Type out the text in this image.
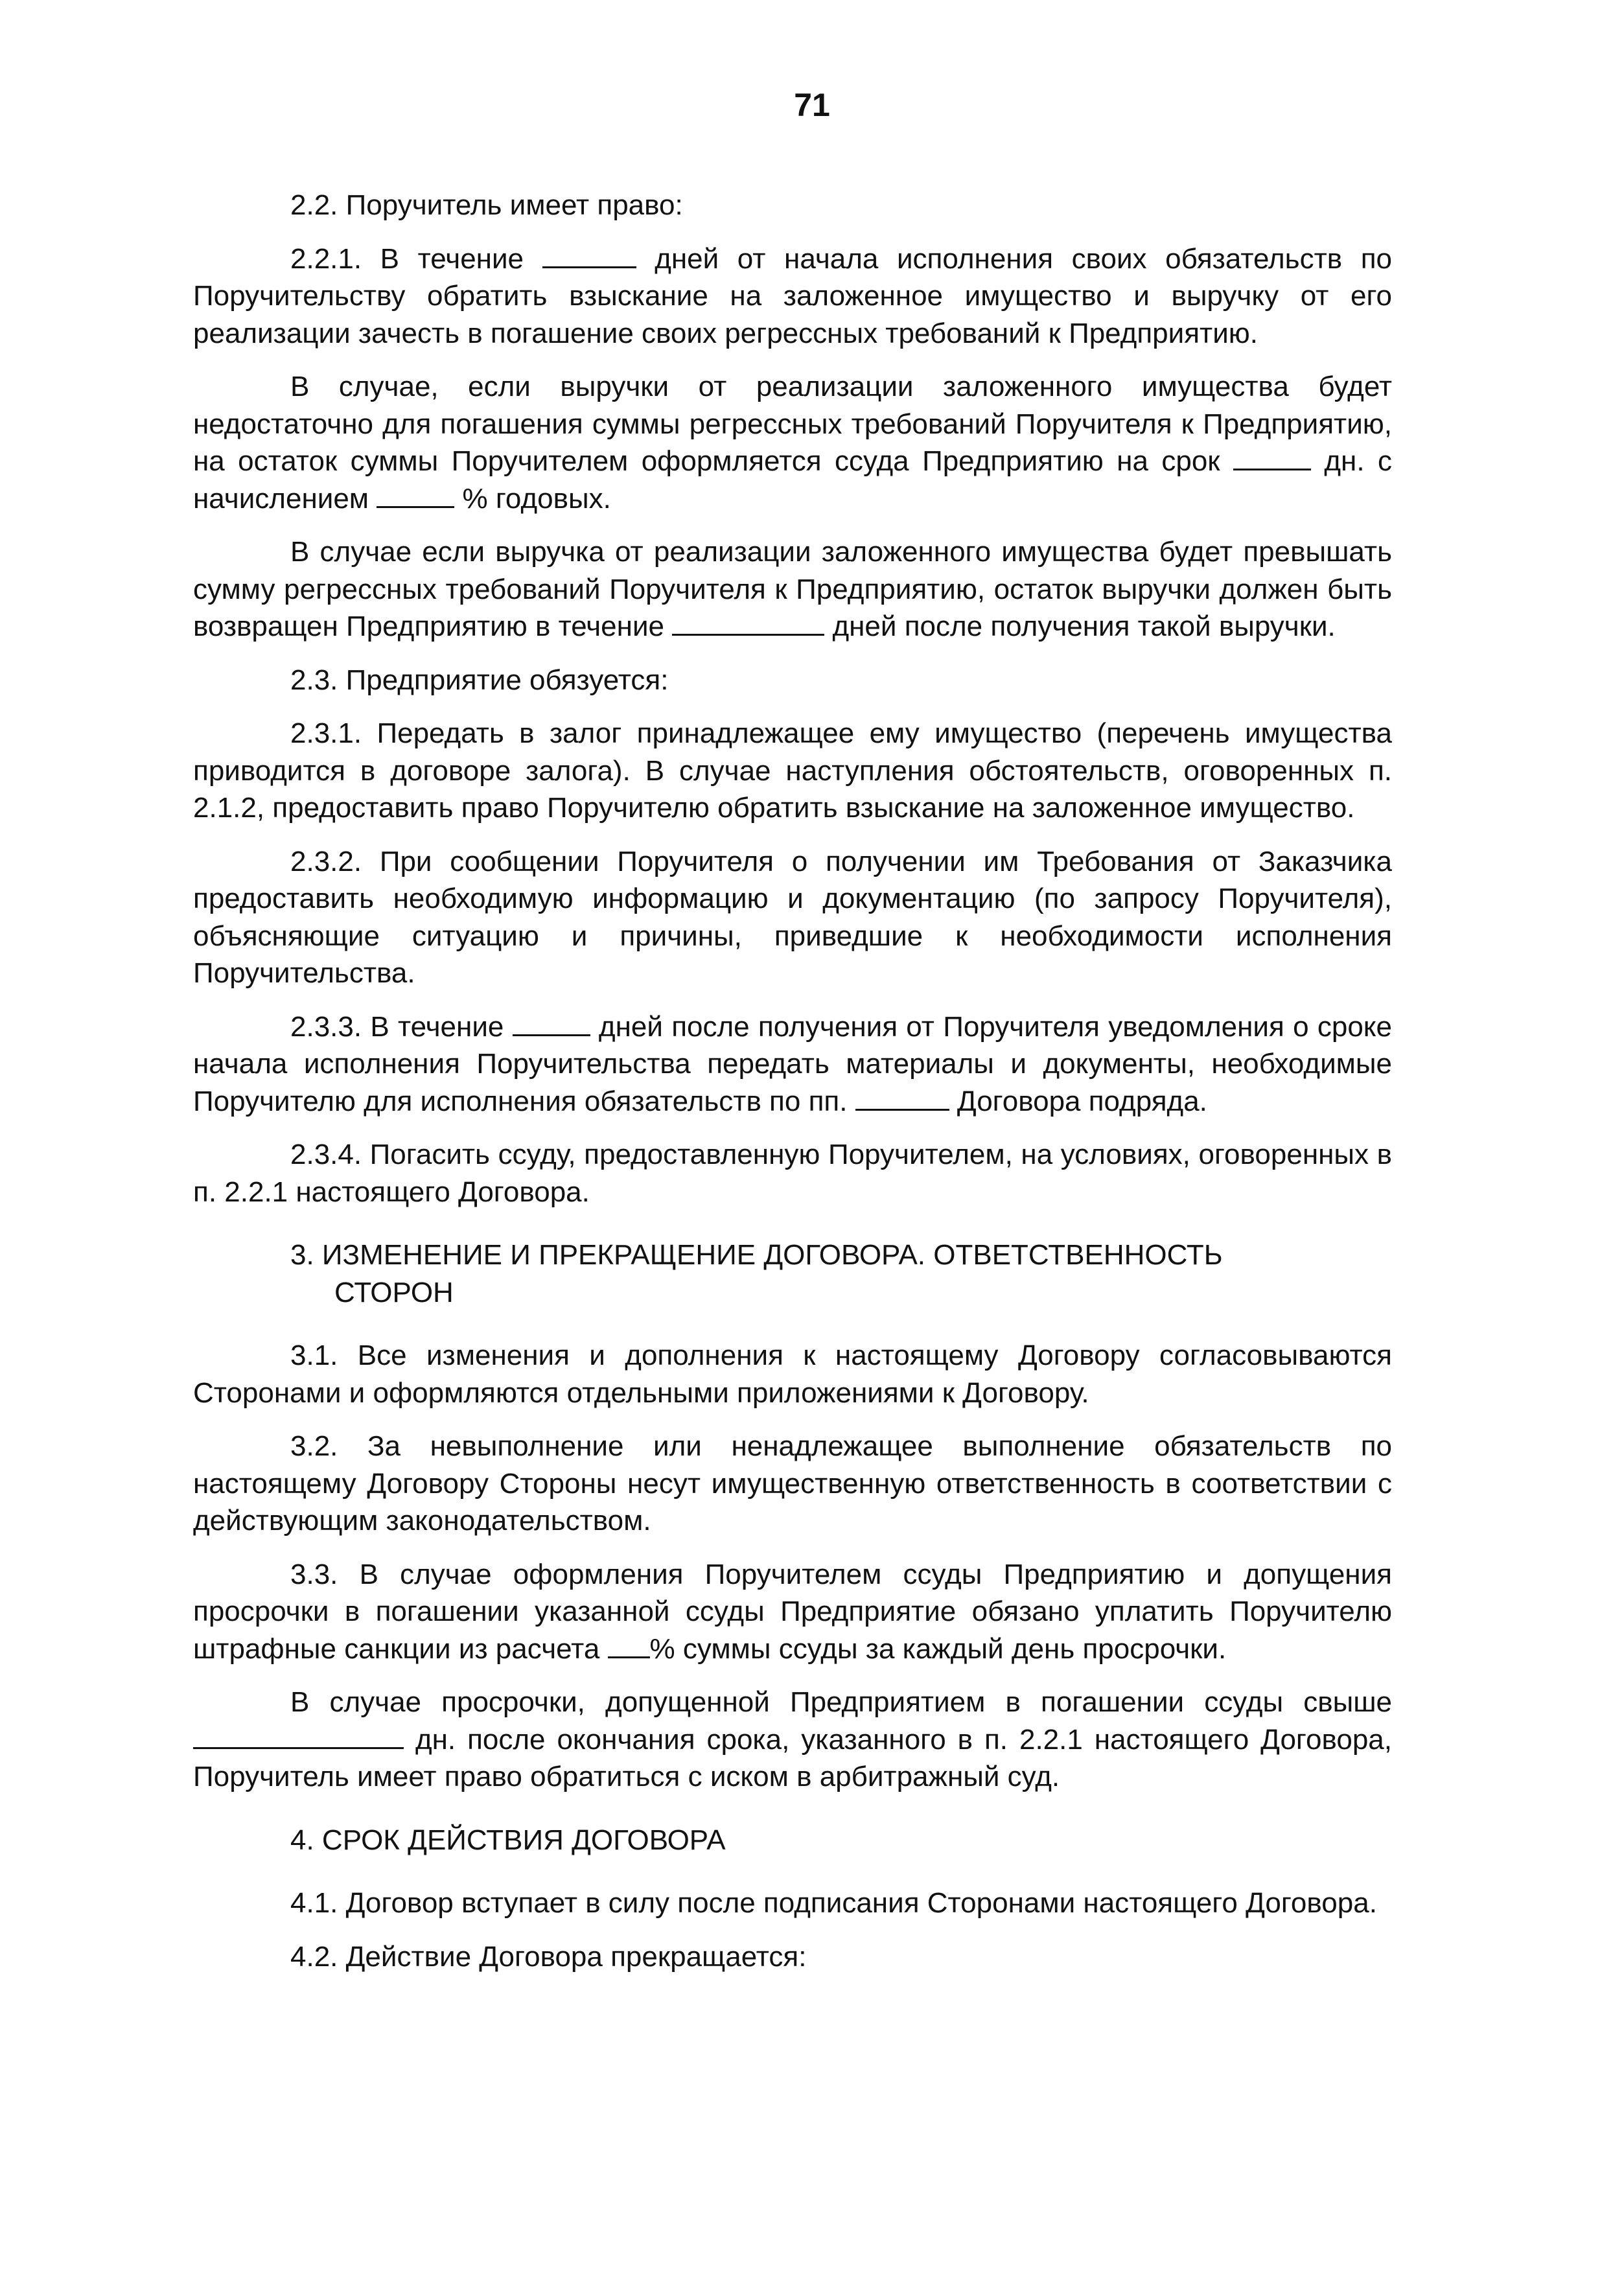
71

2.2. Поручитель имеет право:

2.2.1. В течение	дней от начала исполнения своих обязательств по Поручительству обратить взыскание на заложенное имущество и выручку от его реализации зачесть в погашение своих регрессных требований к Предприятию.

В случае, если выручки от реализации заложенного имущества будет недостаточно для погашения суммы регрессных требований Поручителя к Предприятию, на остаток суммы Поручителем оформляется ссуда Предприятию на срок	дн. с начислением	% годовых.

В случае если выручка от реализации заложенного имущества будет превышать сумму регрессных требований Поручителя к Предприятию, остаток выручки должен быть возвращен Предприятию в течение	дней после получения такой выручки.

2.3. Предприятие обязуется:

2.3.1. Передать в залог принадлежащее ему имущество (перечень имущества приводится в договоре залога). В случае наступления обстоятельств, оговоренных п. 2.1.2, предоставить право Поручителю обратить взыскание на заложенное имущество.

2.3.2. При сообщении Поручителя о получении им Требования от Заказчика предоставить необходимую информацию и документацию (по запросу Поручителя), объясняющие ситуацию и причины, приведшие к необходимости исполнения Поручительства.

2.3.3. В течение	дней после получения от Поручителя уведомления о сроке начала исполнения Поручительства передать материалы и документы, необходимые Поручителю для исполнения обязательств по пп.	Договора подряда.

2.3.4. Погасить ссуду, предоставленную Поручителем, на условиях, оговоренных в п. 2.2.1 настоящего Договора.

3. ИЗМЕНЕНИЕ И ПРЕКРАЩЕНИЕ ДОГОВОРА. ОТВЕТСТВЕННОСТЬ
СТОРОН

3.1. Все изменения и дополнения к настоящему Договору согласовываются Сторонами и оформляются отдельными приложениями к Договору.

3.2. За невыполнение или ненадлежащее выполнение обязательств по настоящему Договору Стороны несут имущественную ответственность в соответствии с действующим законодательством.

3.3. В случае оформления Поручителем ссуды Предприятию и допущения просрочки в погашении указанной ссуды Предприятие обязано уплатить Поручителю штрафные санкции из расчета % суммы ссуды за каждый день просрочки.

В случае просрочки, допущенной Предприятием в погашении ссуды свыше  дн. после окончания срока, указанного в п. 2.2.1 настоящего Договора, Поручитель имеет право обратиться с иском в арбитражный суд.

4. СРОК ДЕЙСТВИЯ ДОГОВОРА

4.1. Договор вступает в силу после подписания Сторонами настоящего Договора.

4.2. Действие Договора прекращается:
